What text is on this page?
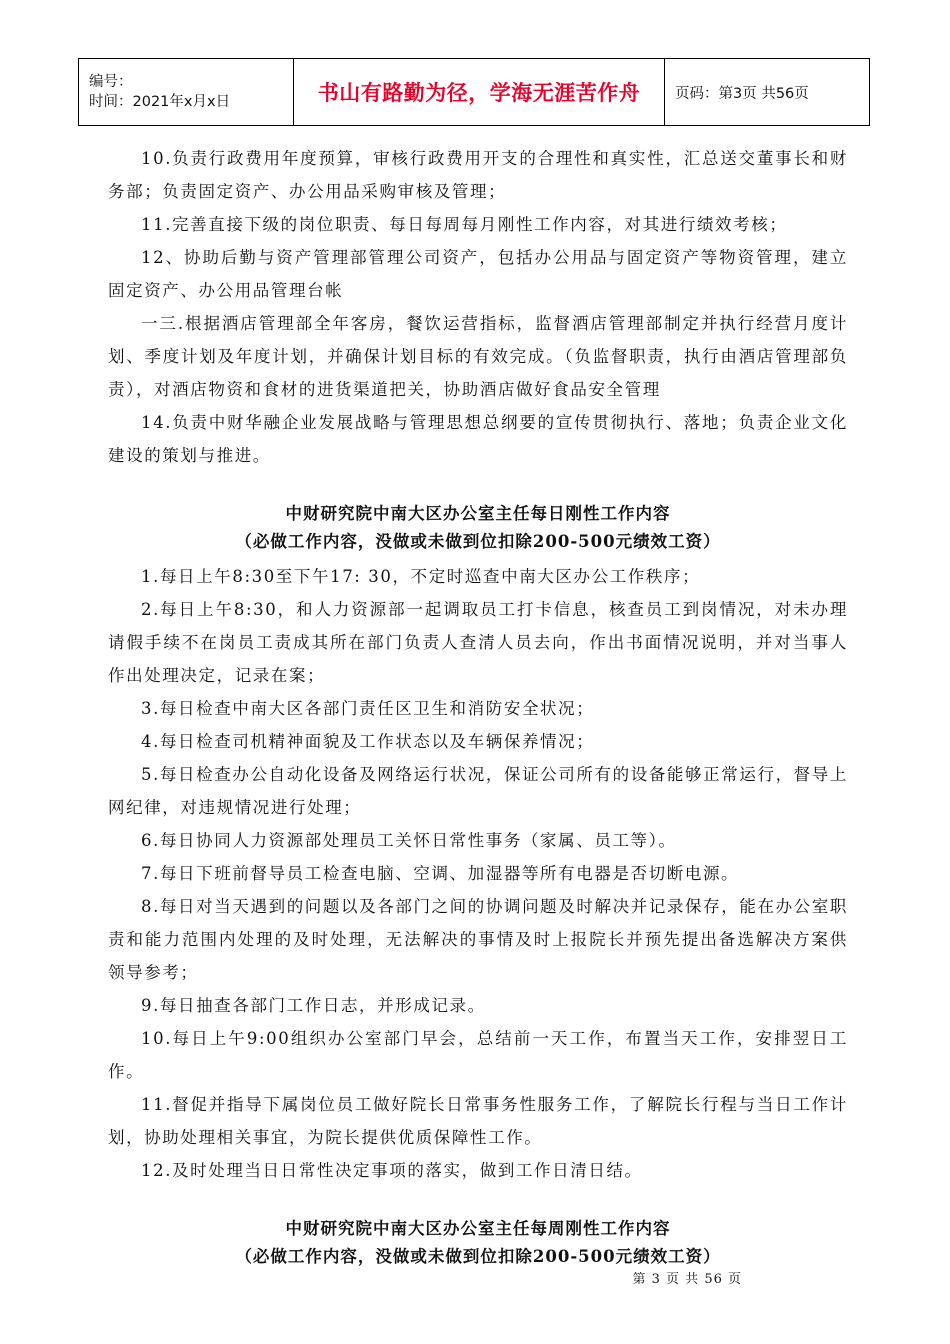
编号：
时间：2021年x月x日	书山有路勤为径，学海无涯苦作舟	页码：第3页 共56页

10.负责行政费用年度预算，审核行政费用开支的合理性和真实性，汇总送交董事长和财务部；负责固定资产、办公用品采购审核及管理；

11.完善直接下级的岗位职责、每日每周每月刚性工作内容，对其进行绩效考核；

12、协助后勤与资产管理部管理公司资产，包括办公用品与固定资产等物资管理，建立固定资产、办公用品管理台帐

一三.根据酒店管理部全年客房，餐饮运营指标，监督酒店管理部制定并执行经营月度计划、季度计划及年度计划，并确保计划目标的有效完成。（负监督职责，执行由酒店管理部负责），对酒店物资和食材的进货渠道把关，协助酒店做好食品安全管理

14.负责中财华融企业发展战略与管理思想总纲要的宣传贯彻执行、落地；负责企业文化建设的策划与推进。

中财研究院中南大区办公室主任每日刚性工作内容

（必做工作内容，没做或未做到位扣除200-500元绩效工资）

1.每日上午8:30至下午17: 30，不定时巡查中南大区办公工作秩序；

2.每日上午8:30，和人力资源部一起调取员工打卡信息，核查员工到岗情况，对未办理请假手续不在岗员工责成其所在部门负责人查清人员去向，作出书面情况说明，并对当事人作出处理决定，记录在案；

3.每日检查中南大区各部门责任区卫生和消防安全状况；

4.每日检查司机精神面貌及工作状态以及车辆保养情况；

5.每日检查办公自动化设备及网络运行状况，保证公司所有的设备能够正常运行，督导上网纪律，对违规情况进行处理；

6.每日协同人力资源部处理员工关怀日常性事务（家属、员工等）。

7.每日下班前督导员工检查电脑、空调、加湿器等所有电器是否切断电源。

8.每日对当天遇到的问题以及各部门之间的协调问题及时解决并记录保存，能在办公室职责和能力范围内处理的及时处理，无法解决的事情及时上报院长并预先提出备选解决方案供领导参考；

9.每日抽查各部门工作日志，并形成记录。

10.每日上午9:00组织办公室部门早会，总结前一天工作，布置当天工作，安排翌日工作。

11.督促并指导下属岗位员工做好院长日常事务性服务工作，了解院长行程与当日工作计划，协助处理相关事宜，为院长提供优质保障性工作。

12.及时处理当日日常性决定事项的落实，做到工作日清日结。

中财研究院中南大区办公室主任每周刚性工作内容

（必做工作内容，没做或未做到位扣除200-500元绩效工资）

第 3 页 共 56 页
